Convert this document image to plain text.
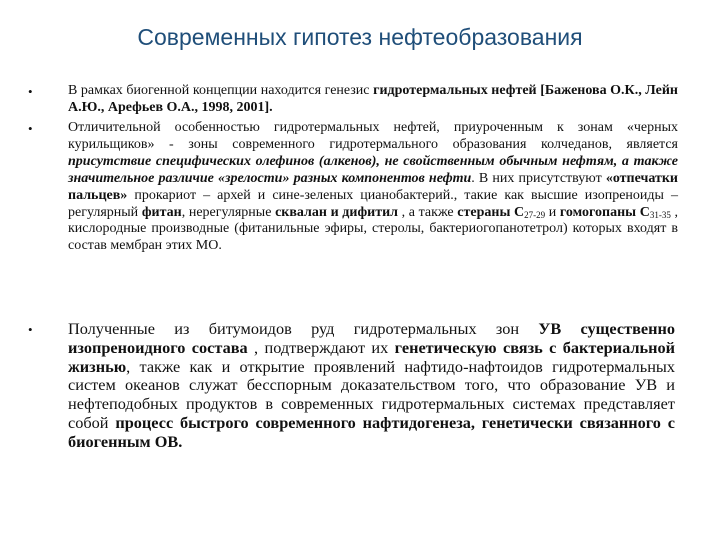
Современных гипотез нефтеобразования
•	В рамках биогенной концепции находится генезис гидротермальных нефтей [Баженова О.К., Лейн А.Ю., Арефьев О.А., 1998, 2001].
•	Отличительной особенностью гидротермальных нефтей, приуроченным к зонам «черных курильщиков» - зоны современного гидротермального образования колчеданов, является присутствие специфических олефинов (алкенов), не свойственным обычным нефтям, а также значительное различие «зрелости» разных компонентов нефти. В них присутствуют «отпечатки пальцев» прокариот – архей и сине-зеленых цианобактерий., такие как высшие изопреноиды – регулярный фитан, нерегулярные сквалан и дифитил , а также стераны $С_{27-29}$ и гомогопаны $С_{31-35}$ , кислородные производные (фитанильные эфиры, стеролы, бактериогопанотетрол) которых входят в состав мембран этих МО.
• Полученные из битумоидов руд гидротермальных зон УВ существенно изопреноидного состава , подтверждают их генетическую связь с бактериальной жизнью, также как и открытие проявлений нафтидо-нафтоидов гидротермальных систем океанов служат бесспорным доказательством того, что образование УВ и нефтеподобных продуктов в современных гидротермальных системах представляет собой процесс быстрого современного нафтидогенеза, генетически связанного с биогенным ОВ.
